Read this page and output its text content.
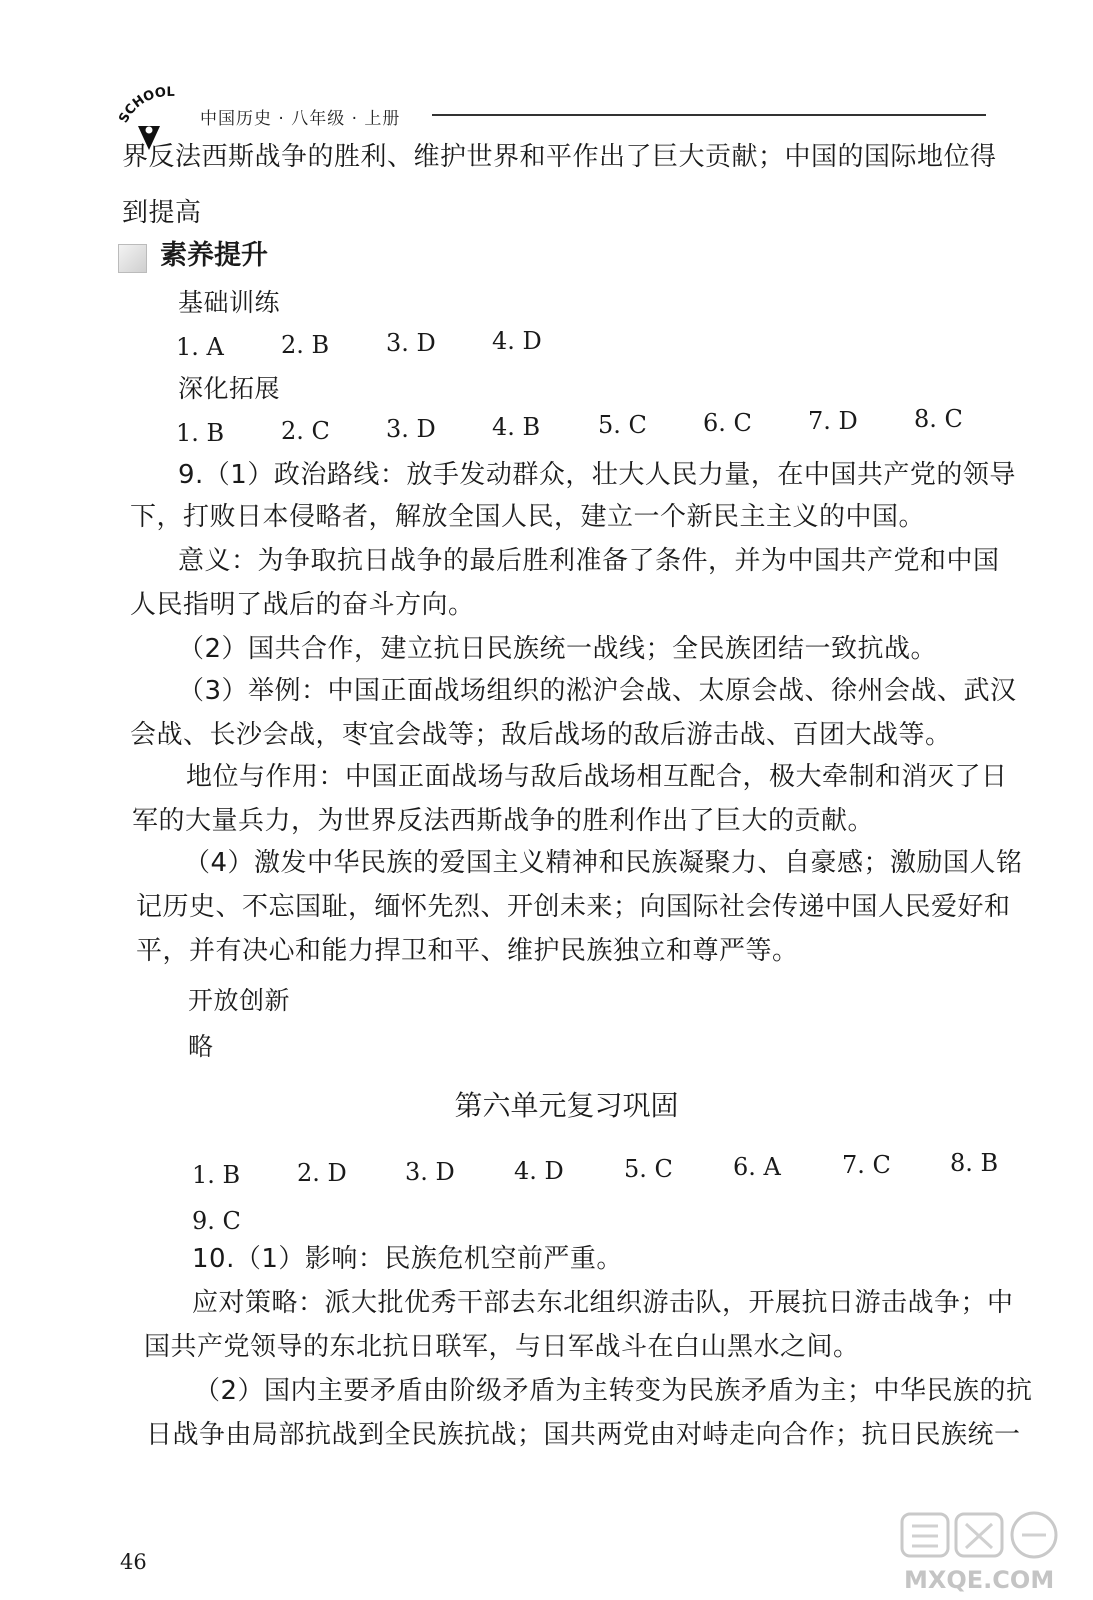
SCHOOL
中国历史 · 八年级 · 上册
界反法西斯战争的胜利、维护世界和平作出了巨大贡献；中国的国际地位得
到提高
素养提升
基础训练
1. A 2. B 3. D 4. D
深化拓展
1. B 2. C 3. D 4. B 5. C 6. C 7. D 8. C
9.（1）政治路线：放手发动群众，壮大人民力量，在中国共产党的领导
下，打败日本侵略者，解放全国人民，建立一个新民主主义的中国。
意义：为争取抗日战争的最后胜利准备了条件，并为中国共产党和中国
人民指明了战后的奋斗方向。
（2）国共合作，建立抗日民族统一战线；全民族团结一致抗战。
（3）举例：中国正面战场组织的淞沪会战、太原会战、徐州会战、武汉
会战、长沙会战，枣宜会战等；敌后战场的敌后游击战、百团大战等。
地位与作用：中国正面战场与敌后战场相互配合，极大牵制和消灭了日
军的大量兵力，为世界反法西斯战争的胜利作出了巨大的贡献。
（4）激发中华民族的爱国主义精神和民族凝聚力、自豪感；激励国人铭
记历史、不忘国耻，缅怀先烈、开创未来；向国际社会传递中国人民爱好和
平，并有决心和能力捍卫和平、维护民族独立和尊严等。
开放创新
略
第六单元复习巩固
1. B 2. D 3. D 4. D	5. C	6. A	7. C 8. B
9. C
10.（1）影响：民族危机空前严重。
应对策略：派大批优秀干部去东北组织游击队，开展抗日游击战争；中
国共产党领导的东北抗日联军，与日军战斗在白山黑水之间。
（2）国内主要矛盾由阶级矛盾为主转变为民族矛盾为主；中华民族的抗
日战争由局部抗战到全民族抗战；国共两党由对峙走向合作；抗日民族统一
46
MXQE.COM
